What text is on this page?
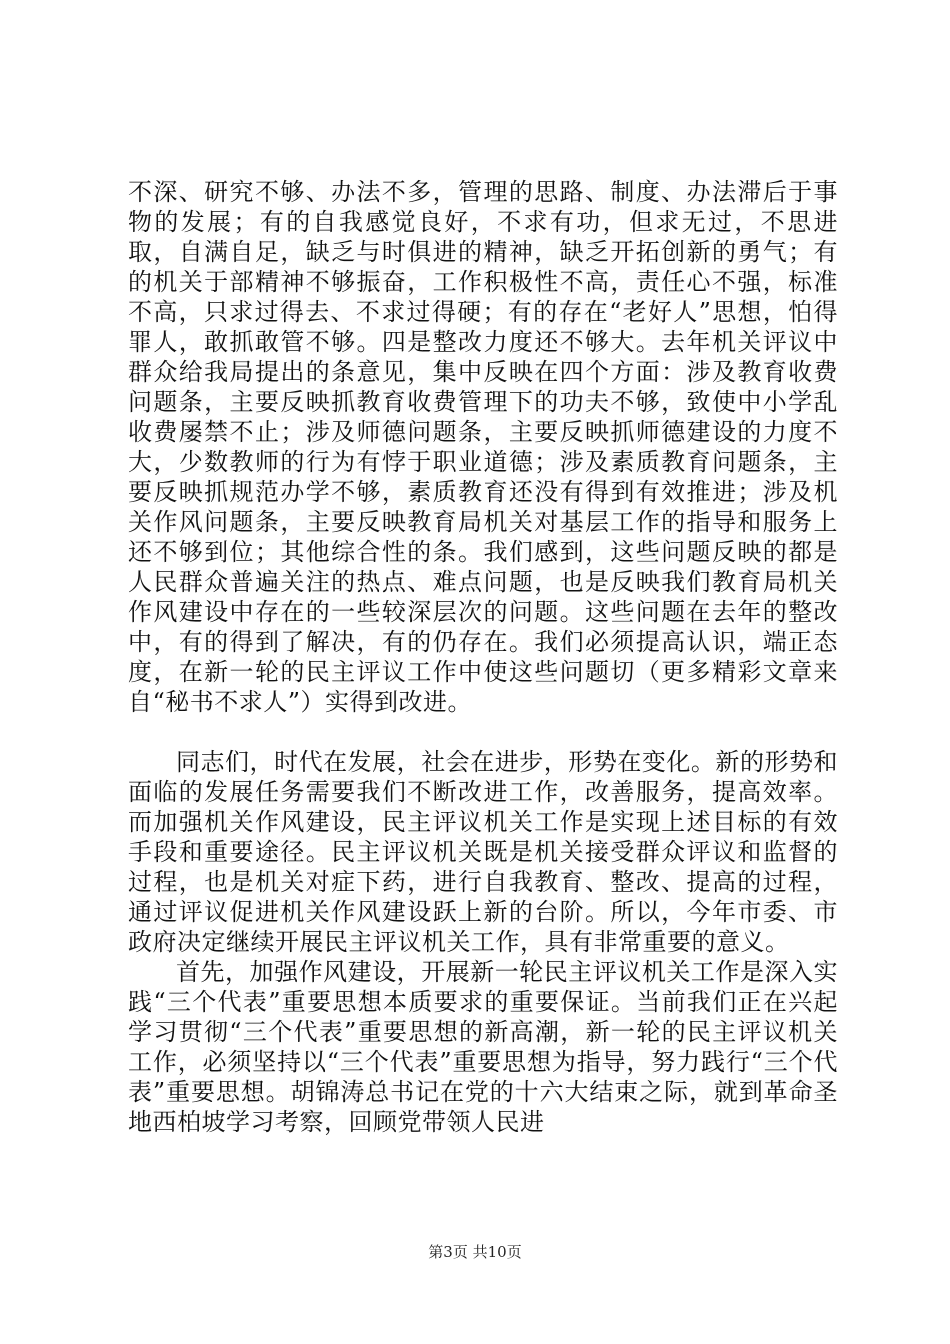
不深、研究不够、办法不多，管理的思路、制度、办法滞后于事物的发展；有的自我感觉良好，不求有功，但求无过，不思进取，自满自足，缺乏与时俱进的精神，缺乏开拓创新的勇气；有的机关于部精神不够振奋，工作积极性不高，责任心不强，标准不高，只求过得去、不求过得硬；有的存在“老好人”思想，怕得罪人，敢抓敢管不够。四是整改力度还不够大。去年机关评议中群众给我局提出的条意见，集中反映在四个方面：涉及教育收费问题条，主要反映抓教育收费管理下的功夫不够，致使中小学乱收费屡禁不止；涉及师德问题条，主要反映抓师德建设的力度不大，少数教师的行为有悖于职业道德；涉及素质教育问题条，主要反映抓规范办学不够，素质教育还没有得到有效推进；涉及机关作风问题条，主要反映教育局机关对基层工作的指导和服务上还不够到位；其他综合性的条。我们感到，这些问题反映的都是人民群众普遍关注的热点、难点问题，也是反映我们教育局机关作风建设中存在的一些较深层次的问题。这些问题在去年的整改中，有的得到了解决，有的仍存在。我们必须提高认识，端正态度，在新一轮的民主评议工作中使这些问题切（更多精彩文章来自“秘书不求人”）实得到改进。

同志们，时代在发展，社会在进步，形势在变化。新的形势和面临的发展任务需要我们不断改进工作，改善服务，提高效率。而加强机关作风建设，民主评议机关工作是实现上述目标的有效手段和重要途径。民主评议机关既是机关接受群众评议和监督的过程，也是机关对症下药，进行自我教育、整改、提高的过程，通过评议促进机关作风建设跃上新的台阶。所以，今年市委、市政府决定继续开展民主评议机关工作，具有非常重要的意义。

首先，加强作风建设，开展新一轮民主评议机关工作是深入实践“三个代表”重要思想本质要求的重要保证。当前我们正在兴起学习贯彻“三个代表”重要思想的新高潮，新一轮的民主评议机关工作，必须坚持以“三个代表”重要思想为指导，努力践行“三个代表”重要思想。胡锦涛总书记在党的十六大结束之际，就到革命圣地西柏坡学习考察，回顾党带领人民进

第3页 共10页
